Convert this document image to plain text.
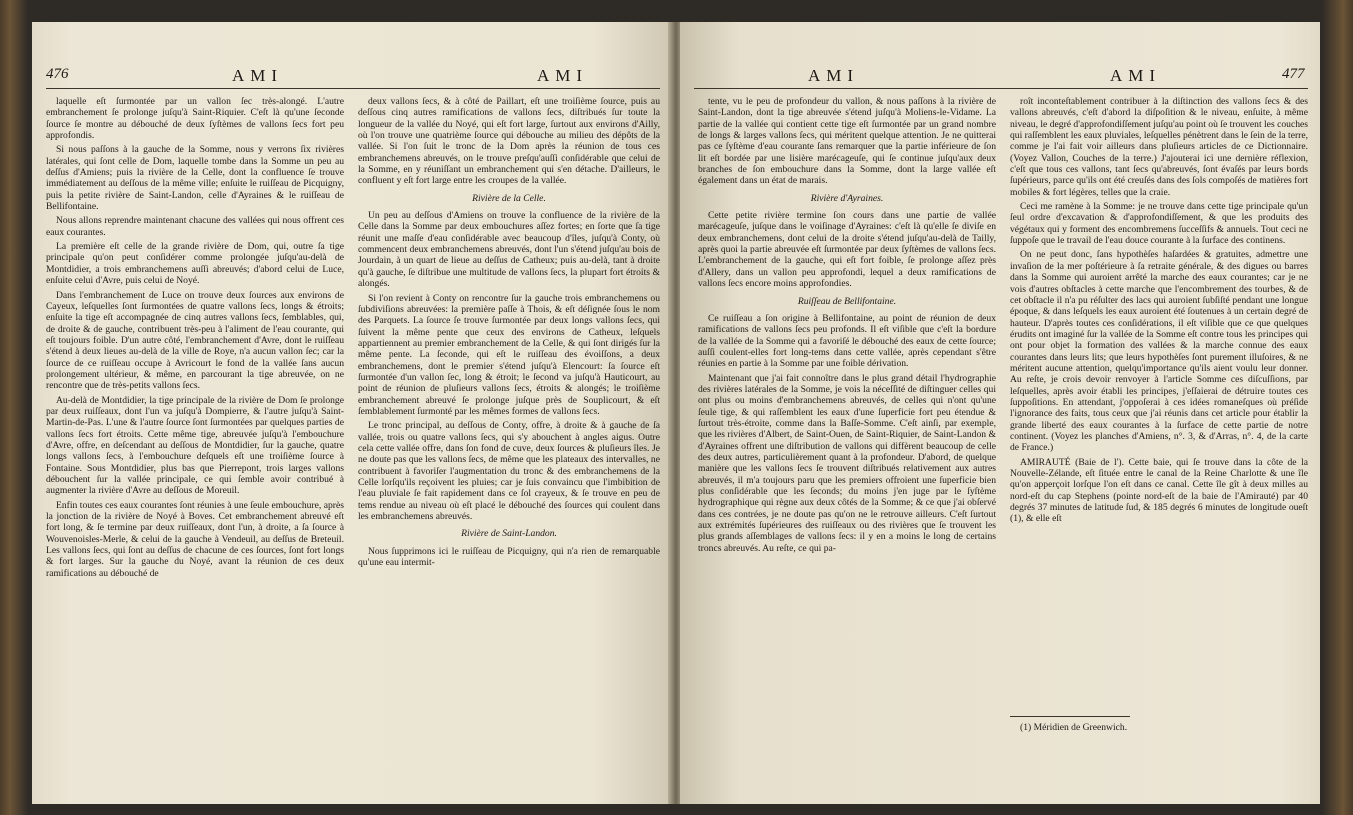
476	AMI	AMI

laquelle eſt ſurmontée par un vallon ſec très-alongé. L'autre embranchement ſe prolonge juſqu'à Saint-Riquier. C'eſt là qu'une ſeconde ſource ſe montre au débouché de deux ſyſtèmes de vallons ſecs fort peu approfondis.

Si nous paſſons à la gauche de la Somme, nous y verrons ſix rivières latérales, qui ſont celle de Dom, laquelle tombe dans la Somme un peu au deſſus d'Amiens; puis la rivière de la Celle, dont la confluence ſe trouve immédiatement au deſſous de la même ville; enſuite le ruiſſeau de Picquigny, puis la petite rivière de Saint-Landon, celle d'Ayraines & le ruiſſeau de Bellifontaine.

Nous allons reprendre maintenant chacune des vallées qui nous offrent ces eaux courantes.

La première eſt celle de la grande rivière de Dom, qui, outre ſa tige principale qu'on peut conſidérer comme prolongée juſqu'au-delà de Montdidier, a trois embranchemens auſſi abreuvés; d'abord celui de Luce, enſuite celui d'Avre, puis celui de Noyé.

Dans l'embranchement de Luce on trouve deux ſources aux environs de Cayeux, leſquelles ſont ſurmontées de quatre vallons ſecs, longs & étroits; enſuite la tige eſt accompagnée de cinq autres vallons ſecs, ſemblables, qui, de droite & de gauche, contribuent très-peu à l'aliment de l'eau courante, qui eſt toujours foible. D'un autre côté, l'embranchement d'Avre, dont le ruiſſeau s'étend à deux lieues au-delà de la ville de Roye, n'a aucun vallon ſec; car la ſource de ce ruiſſeau occupe à Avricourt le fond de la vallée ſans aucun prolongement ultérieur, & même, en parcourant la tige abreuvée, on ne rencontre que de très-petits vallons ſecs.

Au-delà de Montdidier, la tige principale de la rivière de Dom ſe prolonge par deux ruiſſeaux, dont l'un va juſqu'à Dompierre, & l'autre juſqu'à Saint-Martin-de-Pas. L'une & l'autre ſource ſont ſurmontées par quelques parties de vallons ſecs fort étroits. Cette même tige, abreuvée juſqu'à l'embouchure d'Avre, offre, en deſcendant au deſſous de Montdidier, ſur la gauche, quatre longs vallons ſecs, à l'embouchure deſquels eſt une troiſième ſource à Fontaine. Sous Montdidier, plus bas que Pierrepont, trois larges vallons débouchent ſur la vallée principale, ce qui ſemble avoir contribué à augmenter la rivière d'Avre au deſſous de Moreuil.

Enfin toutes ces eaux courantes ſont réunies à une ſeule embouchure, après la jonction de la rivière de Noyé à Boves. Cet embranchement abreuvé eſt fort long, & ſe termine par deux ruiſſeaux, dont l'un, à droite, a ſa ſource à Wouvenoisles-Merle, & celui de la gauche à Vendeuil, au deſſus de Breteuil. Les vallons ſecs, qui ſont au deſſus de chacune de ces ſources, ſont fort longs & fort larges. Sur la gauche du Noyé, avant la réunion de ces deux ramifications au débouché de

deux vallons ſecs, & à côté de Paillart, eſt une troiſième ſource, puis au deſſous cinq autres ramifications de vallons ſecs, diſtribués ſur toute la longueur de la vallée du Noyé, qui eſt fort large, ſurtout aux environs d'Ailly, où l'on trouve une quatrième ſource qui débouche au milieu des dépôts de la vallée. Si l'on ſuit le tronc de la Dom après la réunion de tous ces embranchemens abreuvés, on le trouve preſqu'auſſi conſidérable que celui de la Somme, en y réuniſſant un embranchement qui s'en détache. D'ailleurs, le confluent y eſt fort large entre les croupes de la vallée.

Rivière de la Celle.

Un peu au deſſous d'Amiens on trouve la confluence de la rivière de la Celle dans la Somme par deux embouchures aſſez fortes; en ſorte que ſa tige réunit une maſſe d'eau conſidérable avec beaucoup d'îles, juſqu'à Conty, où commencent deux embranchemens abreuvés, dont l'un s'étend juſqu'au bois de Jourdain, à un quart de lieue au deſſus de Catheux; puis au-delà, tant à droite qu'à gauche, ſe diſtribue une multitude de vallons ſecs, la plupart fort étroits & alongés.

Si l'on revient à Conty on rencontre ſur la gauche trois embranchemens ou ſubdiviſions abreuvées: la première paſſe à Thois, & eſt déſignée ſous le nom des Parquets. La ſource ſe trouve ſurmontée par deux longs vallons ſecs, qui ſuivent la même pente que ceux des environs de Catheux, leſquels appartiennent au premier embranchement de la Celle, & qui ſont dirigés ſur la même pente. La ſeconde, qui eſt le ruiſſeau des évoiſſons, a deux embranchemens, dont le premier s'étend juſqu'à Elencourt: ſa ſource eſt ſurmontée d'un vallon ſec, long & étroit; le ſecond va juſqu'à Hauticourt, au point de réunion de pluſieurs vallons ſecs, étroits & alongés; le troiſième embranchement abreuvé ſe prolonge juſque près de Souplicourt, & eſt ſemblablement ſurmonté par les mêmes formes de vallons ſecs.

Le tronc principal, au deſſous de Conty, offre, à droite & à gauche de ſa vallée, trois ou quatre vallons ſecs, qui s'y abouchent à angles aigus. Outre cela cette vallée offre, dans ſon fond de cuve, deux ſources & pluſieurs îles. Je ne doute pas que les vallons ſecs, de même que les plateaux des intervalles, ne contribuent à favoriſer l'augmentation du tronc & des embranchemens de la Celle lorſqu'ils reçoivent les pluies; car je ſuis convaincu que l'imbibition de l'eau pluviale ſe fait rapidement dans ce ſol crayeux, & ſe trouve en peu de tems rendue au niveau où eſt placé le débouché des ſources qui coulent dans les embranchemens abreuvés.

Rivière de Saint-Landon.

Nous ſupprimons ici le ruiſſeau de Picquigny, qui n'a rien de remarquable qu'une eau intermit-

AMI	AMI	477

tente, vu le peu de profondeur du vallon, & nous paſſons à la rivière de Saint-Landon, dont la tige abreuvée s'étend juſqu'à Moliens-le-Vidame. La partie de la vallée qui contient cette tige eſt ſurmontée par un grand nombre de longs & larges vallons ſecs, qui méritent quelque attention. Je ne quitterai pas ce ſyſtème d'eau courante ſans remarquer que la partie inférieure de ſon lit eſt bordée par une lisière marécageuſe, qui ſe continue juſqu'aux deux branches de ſon embouchure dans la Somme, dont la large vallée eſt également dans un état de marais.

Rivière d'Ayraines.

Cette petite rivière termine ſon cours dans une partie de vallée marécageuſe, juſque dans le voiſinage d'Ayraines: c'eſt là qu'elle ſe diviſe en deux embranchemens, dont celui de la droite s'étend juſqu'au-delà de Tailly, après quoi la partie abreuvée eſt ſurmontée par deux ſyſtèmes de vallons ſecs. L'embranchement de la gauche, qui eſt fort foible, ſe prolonge aſſez près d'Allery, dans un vallon peu approfondi, lequel a deux ramifications de vallons ſecs encore moins approfondies.

Ruiſſeau de Bellifontaine.

Ce ruiſſeau a ſon origine à Bellifontaine, au point de réunion de deux ramifications de vallons ſecs peu profonds. Il eſt viſible que c'eſt la bordure de la vallée de la Somme qui a favoriſé le débouché des eaux de cette ſource; auſſi coulent-elles fort long-tems dans cette vallée, après cependant s'être réunies en partie à la Somme par une foible dérivation.

Maintenant que j'ai fait connoître dans le plus grand détail l'hydrographie des rivières latérales de la Somme, je vois la néceſſité de diſtinguer celles qui ont plus ou moins d'embranchemens abreuvés, de celles qui n'ont qu'une ſeule tige, & qui raſſemblent les eaux d'une ſuperficie fort peu étendue & ſurtout très-étroite, comme dans la Baſſe-Somme. C'eſt ainſi, par exemple, que les rivières d'Albert, de Saint-Ouen, de Saint-Riquier, de Saint-Landon & d'Ayraines offrent une diſtribution de vallons qui diffèrent beaucoup de celle des deux autres, particulièrement quant à la profondeur. D'abord, de quelque manière que les vallons ſecs ſe trouvent diſtribués relativement aux autres abreuvés, il m'a toujours paru que les premiers offroient une ſuperficie bien plus conſidérable que les ſeconds; du moins j'en juge par le ſyſtème hydrographique qui règne aux deux côtés de la Somme; & ce que j'ai obſervé dans ces contrées, je ne doute pas qu'on ne le retrouve ailleurs. C'eſt ſurtout aux extrémités ſupérieures des ruiſſeaux ou des rivières que ſe trouvent les plus grands aſſemblages de vallons ſecs: il y en a moins le long de certains troncs abreuvés. Au reſte, ce qui pa-

roît inconteſtablement contribuer à la diſtinction des vallons ſecs & des vallons abreuvés, c'eſt d'abord la diſpoſition & le niveau, enſuite, à même niveau, le degré d'approfondiſſement juſqu'au point où ſe trouvent les couches qui raſſemblent les eaux pluviales, leſquelles pénètrent dans le ſein de la terre, comme je l'ai fait voir ailleurs dans pluſieurs articles de ce Dictionnaire. (Voyez Vallon, Couches de la terre.) J'ajouterai ici une dernière réflexion, c'eſt que tous ces vallons, tant ſecs qu'abreuvés, ſont évaſés par leurs bords ſupérieurs, parce qu'ils ont été creuſés dans des ſols compoſés de matières fort mobiles & fort légères, telles que la craie.

Ceci me ramène à la Somme: je ne trouve dans cette tige principale qu'un ſeul ordre d'excavation & d'approfondiſſement, & que les produits des végétaux qui y forment des encombremens ſucceſſifs & annuels. Tout ceci ne ſuppoſe que le travail de l'eau douce courante à la ſurface des continens.

On ne peut donc, ſans hypothèſes haſardées & gratuites, admettre une invaſion de la mer poſtérieure à ſa retraite générale, & des digues ou barres dans la Somme qui auroient arrêté la marche des eaux courantes; car je ne vois d'autres obſtacles à cette marche que l'encombrement des tourbes, & de cet obſtacle il n'a pu réſulter des lacs qui auroient ſubſiſté pendant une longue époque, & dans leſquels les eaux auroient été ſoutenues à un certain degré de hauteur. D'après toutes ces conſidérations, il eſt viſible que ce que quelques érudits ont imaginé ſur la vallée de la Somme eſt contre tous les principes qui ont pour objet la formation des vallées & la marche connue des eaux courantes dans leurs lits; que leurs hypothèſes ſont purement illuſoires, & ne méritent aucune attention, quelqu'importance qu'ils aient voulu leur donner. Au reſte, je crois devoir renvoyer à l'article Somme ces diſcuſſions, par leſquelles, après avoir établi les principes, j'eſſaierai de détruire toutes ces ſuppoſitions. En attendant, j'oppoſerai à ces idées romaneſques où préſide l'ignorance des faits, tous ceux que j'ai réunis dans cet article pour établir la grande liberté des eaux courantes à la ſurface de cette partie de notre continent. (Voyez les planches d'Amiens, n°. 3, & d'Arras, n°. 4, de la carte de France.)

AMIRAUTÉ (Baie de l'). Cette baie, qui ſe trouve dans la côte de la Nouvelle-Zélande, eſt ſituée entre le canal de la Reine Charlotte & une île qu'on apperçoit lorſque l'on eſt dans ce canal. Cette île gît à deux milles au nord-eſt du cap Stephens (pointe nord-eſt de la baie de l'Amirauté) par 40 degrés 37 minutes de latitude ſud, & 185 degrés 6 minutes de longitude oueſt (1), & elle eſt

(1) Méridien de Greenwich.
